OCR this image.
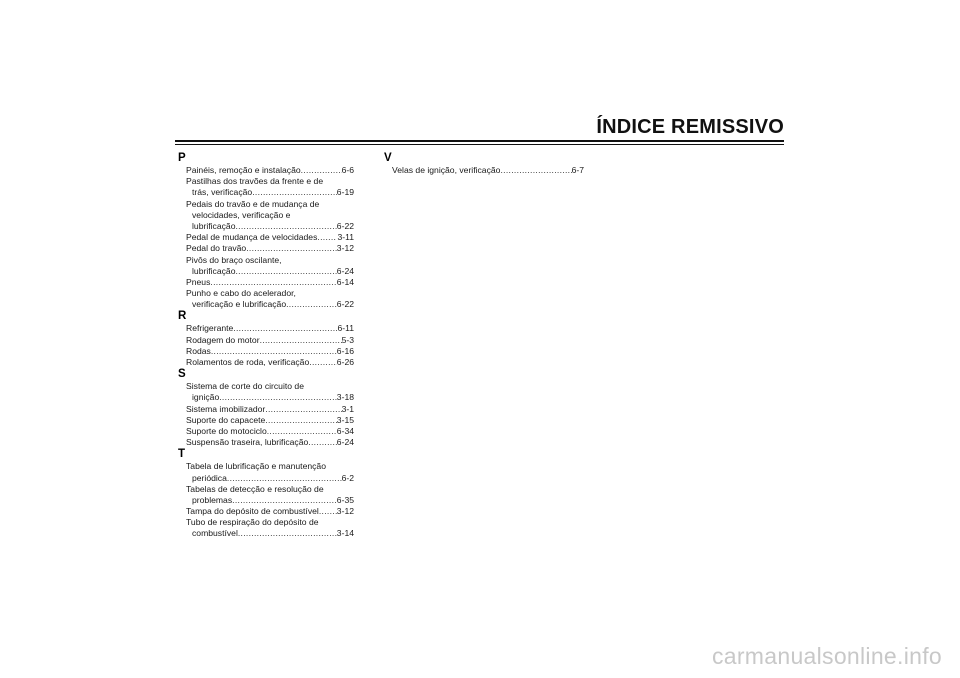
ÍNDICE REMISSIVO
P
Painéis, remoção e instalação .....	6-6
Pastilhas dos travões da frente e de
trás, verificação .....	6-19
Pedais do travão e de mudança de
velocidades, verificação e
lubrificação .....	6-22
Pedal de mudança de velocidades ..... 3-11
Pedal do travão .....	3-12
Pivôs do braço oscilante,
lubrificação .....	6-24
Pneus .....	6-14
Punho e cabo do acelerador,
verificação e lubrificação .....	6-22
R
Refrigerante .....	6-11
Rodagem do motor .....	5-3
Rodas .....	6-16
Rolamentos de roda, verificação .....	6-26
S
Sistema de corte do circuito de
ignição .....	3-18
Sistema imobilizador .....	3-1
Suporte do capacete .....	3-15
Suporte do motociclo .....	6-34
Suspensão traseira, lubrificação .....	6-24
T
Tabela de lubrificação e manutenção
periódica .....	6-2
Tabelas de detecção e resolução de
problemas .....	6-35
Tampa do depósito de combustível ..... 3-12
Tubo de respiração do depósito de
combustível .....	3-14
V
Velas de ignição, verificação .....	6-7
carmanualsonline.info
